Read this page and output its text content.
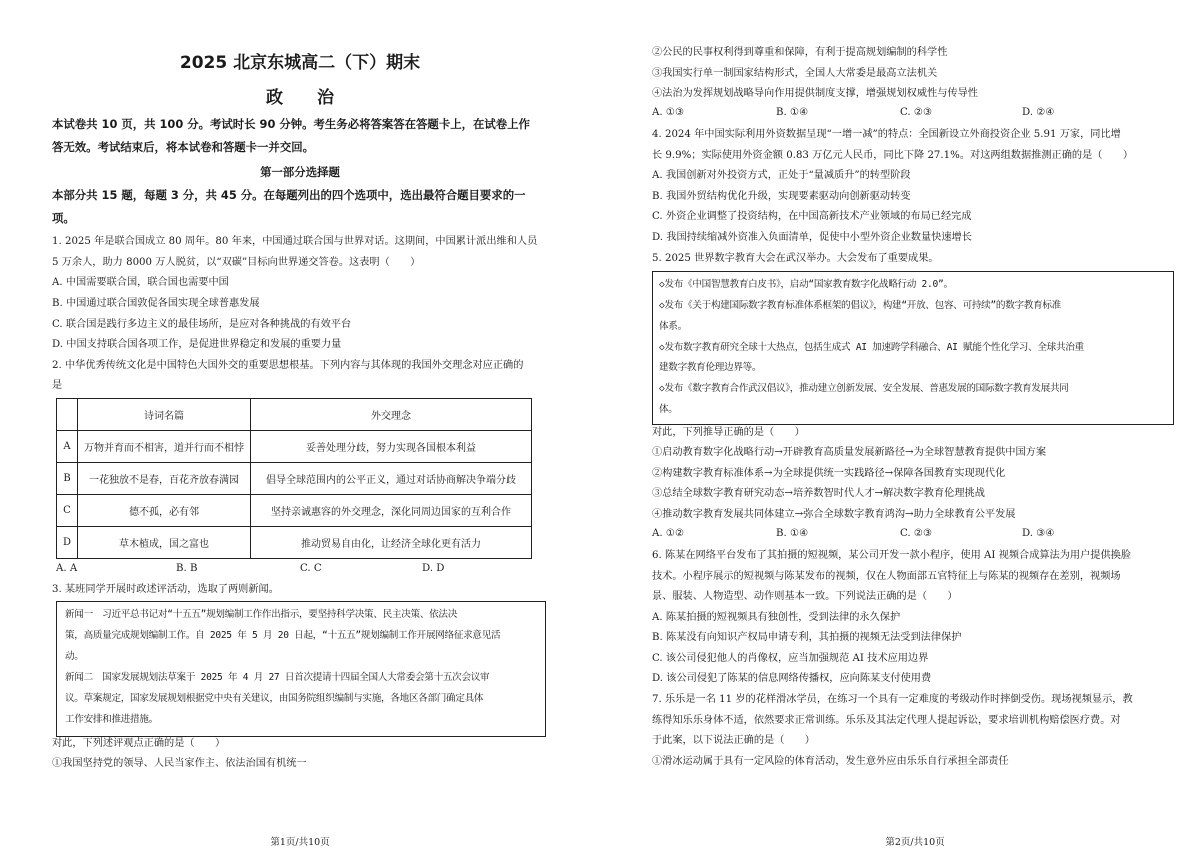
2025 北京东城高二（下）期末
政　　治
本试卷共 10 页，共 100 分。考试时长 90 分钟。考生务必将答案答在答题卡上，在试卷上作
答无效。考试结束后，将本试卷和答题卡一并交回。
第一部分选择题
本部分共 15 题，每题 3 分，共 45 分。在每题列出的四个选项中，选出最符合题目要求的一
项。
1. 2025 年是联合国成立 80 周年。80 年来，中国通过联合国与世界对话。这期间，中国累计派出维和人员
5 万余人，助力 8000 万人脱贫，以“双碳”目标向世界递交答卷。这表明（　　）
A. 中国需要联合国，联合国也需要中国
B. 中国通过联合国敦促各国实现全球普惠发展
C. 联合国是践行多边主义的最佳场所，是应对各种挑战的有效平台
D. 中国支持联合国各项工作，是促进世界稳定和发展的重要力量
2. 中华优秀传统文化是中国特色大国外交的重要思想根基。下列内容与其体现的我国外交理念对应正确的
是
	诗词名篇	外交理念
A	万物并育而不相害，道并行而不相悖	妥善处理分歧，努力实现各国根本利益
B	一花独放不是春，百花齐放春满园	倡导全球范围内的公平正义，通过对话协商解决争端分歧
C	德不孤，必有邻	坚持亲诚惠容的外交理念，深化同周边国家的互利合作
D	草木植成，国之富也	推动贸易自由化，让经济全球化更有活力
A. A	B. B	C. C	D. D
3. 某班同学开展时政述评活动，选取了两则新闻。
新闻一　习近平总书记对“十五五”规划编制工作作出指示，要坚持科学决策、民主决策、依法决
策，高质量完成规划编制工作。自 2025 年 5 月 20 日起，“十五五”规划编制工作开展网络征求意见活
动。
新闻二　国家发展规划法草案于 2025 年 4 月 27 日首次提请十四届全国人大常委会第十五次会议审
议。草案规定，国家发展规划根据党中央有关建议，由国务院组织编制与实施，各地区各部门确定具体
工作安排和推进措施。
对此，下列述评观点正确的是（　　）
①我国坚持党的领导、人民当家作主、依法治国有机统一
第1页/共10页
②公民的民事权利得到尊重和保障，有利于提高规划编制的科学性
③我国实行单一制国家结构形式，全国人大常委是最高立法机关
④法治为发挥规划战略导向作用提供制度支撑，增强规划权威性与传导性
A. ①③	B. ①④	C. ②③	D. ②④
4. 2024 年中国实际利用外资数据呈现“一增一减”的特点：全国新设立外商投资企业 5.91 万家，同比增
长 9.9%；实际使用外资金额 0.83 万亿元人民币，同比下降 27.1%。对这两组数据推测正确的是（　　）
A. 我国创新对外投资方式，正处于“量减质升”的转型阶段
B. 我国外贸结构优化升级，实现要素驱动向创新驱动转变
C. 外资企业调整了投资结构，在中国高新技术产业领域的布局已经完成
D. 我国持续缩减外资准入负面清单，促使中小型外资企业数量快速增长
5. 2025 世界数字教育大会在武汉举办。大会发布了重要成果。
◇发布《中国智慧教育白皮书》，启动“国家教育数字化战略行动 2.0”。
◇发布《关于构建国际数字教育标准体系框架的倡议》，构建“开放、包容、可持续”的数字教育标准
体系。
◇发布数字教育研究全球十大热点，包括生成式 AI 加速跨学科融合、AI 赋能个性化学习、全球共治重
建数字教育伦理边界等。
◇发布《数字教育合作武汉倡议》，推动建立创新发展、安全发展、普惠发展的国际数字教育发展共同
体。
对此，下列推导正确的是（　　）
①启动教育数字化战略行动→开辟教育高质量发展新路径→为全球智慧教育提供中国方案
②构建数字教育标准体系→为全球提供统一实践路径→保障各国教育实现现代化
③总结全球数字教育研究动态→培养数智时代人才→解决数字教育伦理挑战
④推动数字教育发展共同体建立→弥合全球数字教育鸿沟→助力全球教育公平发展
A. ①②	B. ①④	C. ②③	D. ③④
6. 陈某在网络平台发布了其拍摄的短视频，某公司开发一款小程序，使用 AI 视频合成算法为用户提供换脸
技术。小程序展示的短视频与陈某发布的视频，仅在人物面部五官特征上与陈某的视频存在差别，视频场
景、服装、人物造型、动作则基本一致。下列说法正确的是（　　）
A. 陈某拍摄的短视频具有独创性，受到法律的永久保护
B. 陈某没有向知识产权局申请专利，其拍摄的视频无法受到法律保护
C. 该公司侵犯他人的肖像权，应当加强规范 AI 技术应用边界
D. 该公司侵犯了陈某的信息网络传播权，应向陈某支付使用费
7. 乐乐是一名 11 岁的花样滑冰学员，在练习一个具有一定难度的考级动作时摔倒受伤。现场视频显示，教
练得知乐乐身体不适，依然要求正常训练。乐乐及其法定代理人提起诉讼，要求培训机构赔偿医疗费。对
于此案，以下说法正确的是（　　）
①滑冰运动属于具有一定风险的体育活动，发生意外应由乐乐自行承担全部责任
第2页/共10页
